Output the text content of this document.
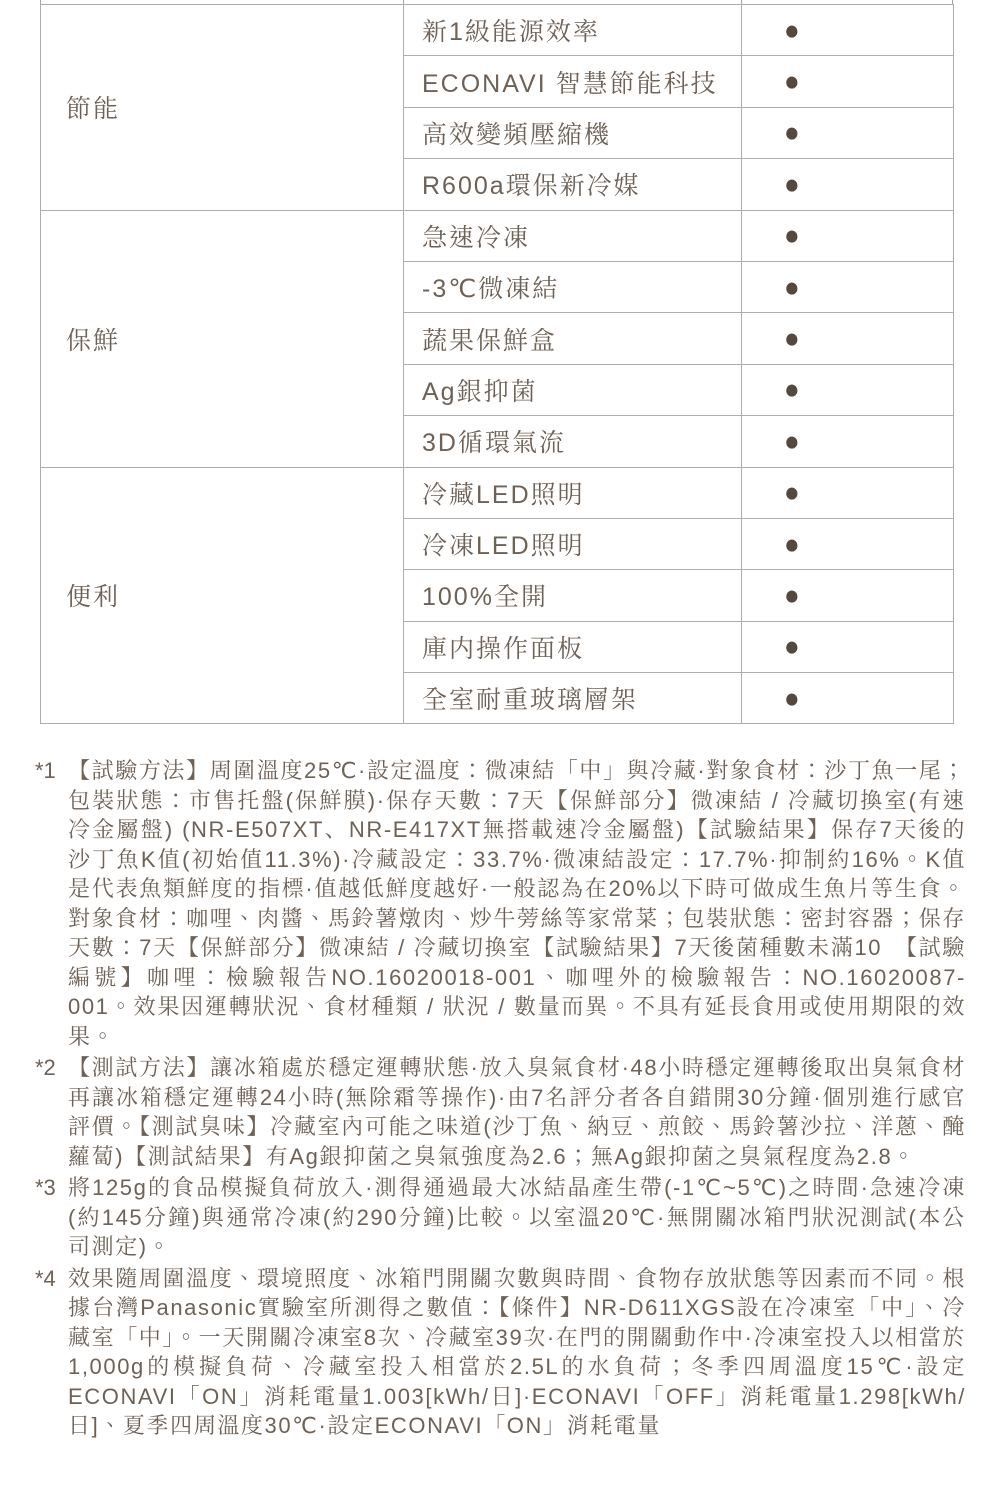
節能	新1級能源效率	●
	ECONAVI 智慧節能科技	●
	高效變頻壓縮機	●
	R600a環保新冷媒	●
保鮮	急速冷凍	●
	-3℃微凍結	●
	蔬果保鮮盒	●
	Ag銀抑菌	●
	3D循環氣流	●
便利	冷藏LED照明	●
	冷凍LED照明	●
	100%全開	●
	庫内操作面板	●
	全室耐重玻璃層架	●
*1 【試驗方法】周圍溫度25℃·設定溫度：微凍結「中」與冷藏·對象食材：沙丁魚一尾；包裝狀態：市售托盤(保鮮膜)·保存天數：7天【保鮮部分】微凍結 / 冷藏切換室(有速冷金屬盤) (NR-E507XT、NR-E417XT無搭載速冷金屬盤)【試驗結果】保存7天後的沙丁魚K值(初始值11.3%)·冷藏設定：33.7%·微凍結設定：17.7%·抑制約16%。K值是代表魚類鮮度的指標·值越低鮮度越好·一般認為在20%以下時可做成生魚片等生食。對象食材：咖哩、肉醬、馬鈴薯燉肉、炒牛蒡絲等家常菜；包裝狀態：密封容器；保存天數：7天【保鮮部分】微凍結 / 冷藏切換室【試驗結果】7天後菌種數未滿10　【試驗編號】咖哩：檢驗報告NO.16020018-001、咖哩外的檢驗報告：NO.16020087-001。效果因運轉狀況、食材種類 / 狀況 / 數量而異。不具有延長食用或使用期限的效果。
*2 【測試方法】讓冰箱處於穩定運轉狀態·放入臭氣食材·48小時穩定運轉後取出臭氣食材再讓冰箱穩定運轉24小時(無除霜等操作)·由7名評分者各自錯開30分鐘·個別進行感官評價。【測試臭味】冷藏室內可能之味道(沙丁魚、納豆、煎餃、馬鈴薯沙拉、洋蔥、醃蘿蔔)【測試結果】有Ag銀抑菌之臭氣強度為2.6；無Ag銀抑菌之臭氣程度為2.8。
*3 將125g的食品模擬負荷放入·測得通過最大冰結晶產生帶(-1℃~5℃)之時間·急速冷凍(約145分鐘)與通常冷凍(約290分鐘)比較。以室溫20℃·無開關冰箱門狀況測試(本公司測定)。
*4 效果隨周圍溫度、環境照度、冰箱門開關次數與時間、食物存放狀態等因素而不同。根據台灣Panasonic實驗室所測得之數值：【條件】NR-D611XGS設在冷凍室「中」、冷藏室「中」。一天開關冷凍室8次、冷藏室39次·在門的開關動作中·冷凍室投入以相當於1,000g的模擬負荷、冷藏室投入相當於2.5L的水負荷；冬季四周溫度15℃·設定ECONAVI「ON」消耗電量1.003[kWh/日]·ECONAVI「OFF」消耗電量1.298[kWh/日]、夏季四周溫度30℃·設定ECONAVI「ON」消耗電量
